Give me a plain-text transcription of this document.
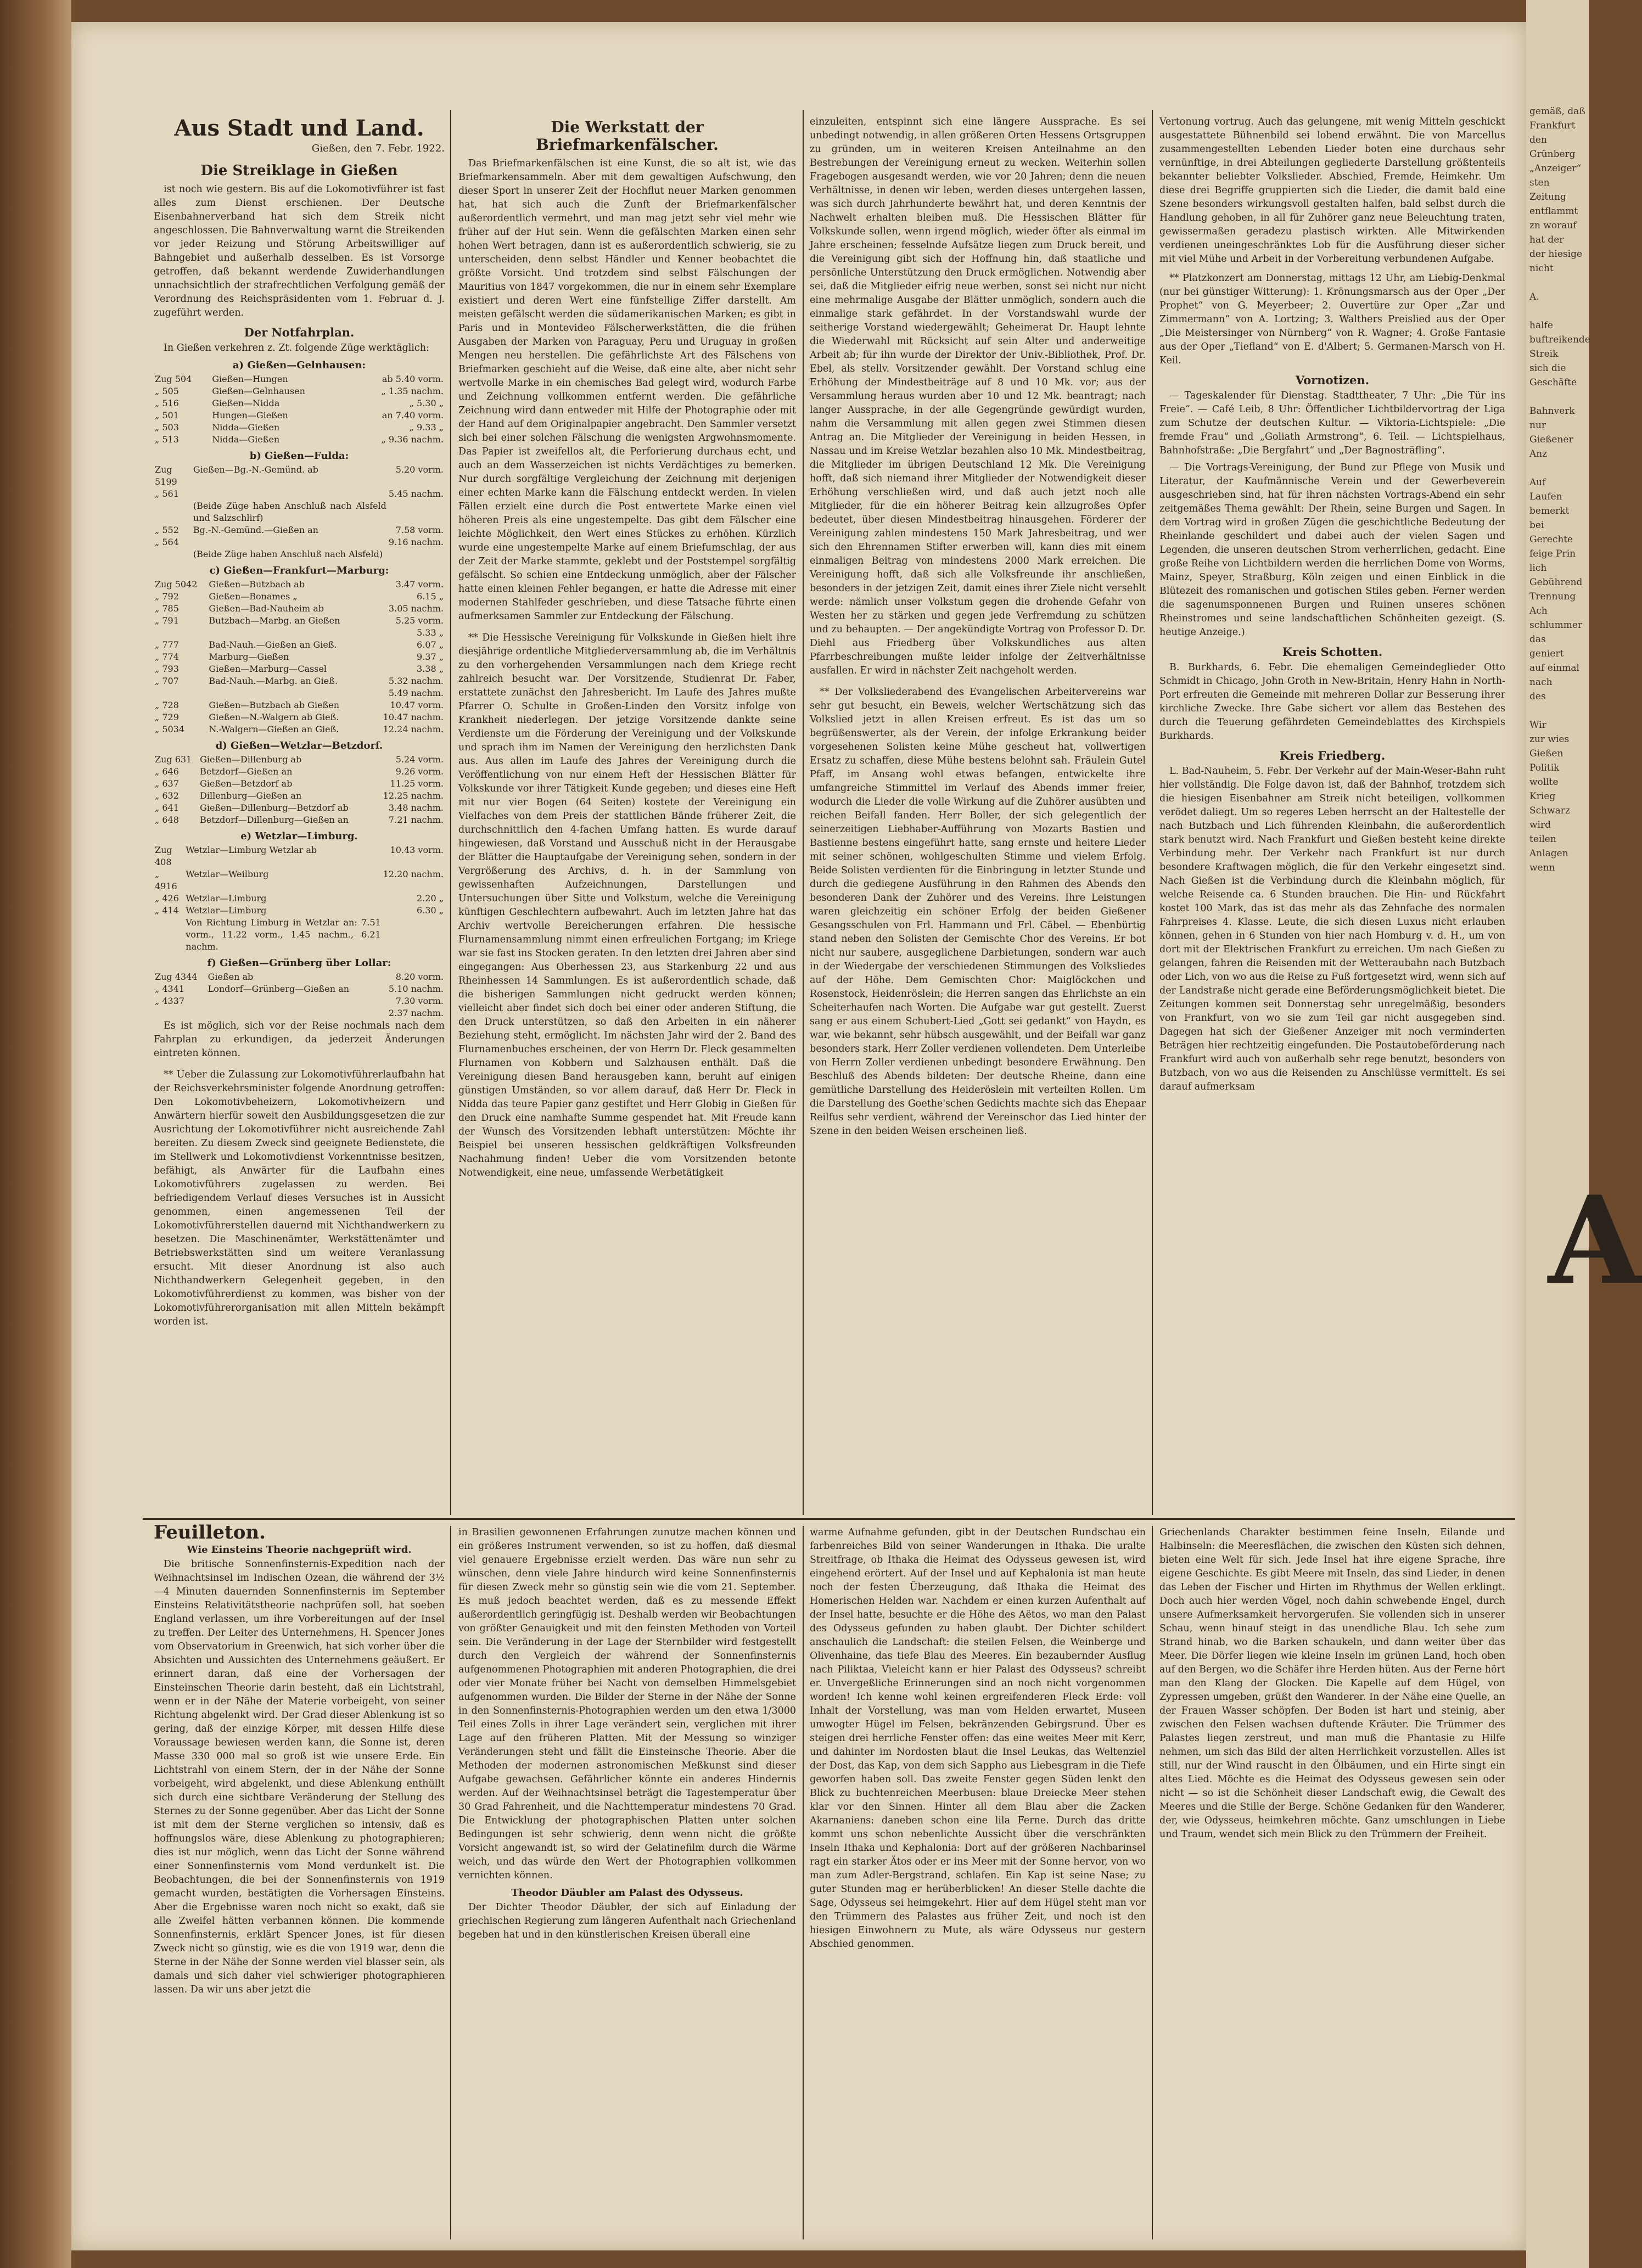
Aus Stadt und Land.
Gießen, den 7. Febr. 1922.
Die Streiklage in Gießen

ist noch wie gestern. Bis auf die Lokomotivführer ist fast alles zum Dienst erschienen. Der Deutsche Eisenbahnerverband hat sich dem Streik nicht angeschlossen. Die Bahnverwaltung warnt die Streikenden vor jeder Reizung und Störung Arbeitswilliger auf Bahngebiet und außerhalb desselben. Es ist Vorsorge getroffen, daß bekannt werdende Zuwiderhandlungen unnachsichtlich der strafrechtlichen Verfolgung gemäß der Verordnung des Reichspräsidenten vom 1. Februar d. J. zugeführt werden.

Der Notfahrplan.

In Gießen verkehren z. Zt. folgende Züge werktäglich:

a) Gießen—Gelnhausen:
Zug 504	Gießen—Hungen	ab 5.40 vorm.
„ 505	Gießen—Gelnhausen	„ 1.35 nachm.
„ 516	Gießen—Nidda	„ 5.30 „
„ 501	Hungen—Gießen	an 7.40 vorm.
„ 503	Nidda—Gießen	„ 9.33 „
„ 513	Nidda—Gießen	„ 9.36 nachm.
b) Gießen—Fulda:
Zug 5199	Gießen—Bg.-N.-Gemünd. ab	5.20 vorm.
„ 561		5.45 nachm.
	(Beide Züge haben Anschluß nach Alsfeld und Salzschlirf)	
„ 552	Bg.-N.-Gemünd.—Gießen an	7.58 vorm.
„ 564		9.16 nachm.
	(Beide Züge haben Anschluß nach Alsfeld)	
c) Gießen—Frankfurt—Marburg:
Zug 5042	Gießen—Butzbach ab	3.47 vorm.
„ 792	Gießen—Bonames „	6.15 „
„ 785	Gießen—Bad-Nauheim ab	3.05 nachm.
„ 791	Butzbach—Marbg. an Gießen	5.25 vorm.
		5.33 „
„ 777	Bad-Nauh.—Gießen an Gieß.	6.07 „
„ 774	Marburg—Gießen	9.37 „
„ 793	Gießen—Marburg—Cassel	3.38 „
„ 707	Bad-Nauh.—Marbg. an Gieß.	5.32 nachm.
		5.49 nachm.
„ 728	Gießen—Butzbach ab Gießen	10.47 vorm.
„ 729	Gießen—N.-Walgern ab Gieß.	10.47 nachm.
„ 5034	N.-Walgern—Gießen an Gieß.	12.24 nachm.
d) Gießen—Wetzlar—Betzdorf.
Zug 631	Gießen—Dillenburg ab	5.24 vorm.
„ 646	Betzdorf—Gießen an	9.26 vorm.
„ 637	Gießen—Betzdorf ab	11.25 vorm.
„ 632	Dillenburg—Gießen an	12.25 nachm.
„ 641	Gießen—Dillenburg—Betzdorf ab	3.48 nachm.
„ 648	Betzdorf—Dillenburg—Gießen an	7.21 nachm.
e) Wetzlar—Limburg.
Zug 408	Wetzlar—Limburg Wetzlar ab	10.43 vorm.
„ 4916	Wetzlar—Weilburg	12.20 nachm.
„ 426	Wetzlar—Limburg	2.20 „
„ 414	Wetzlar—Limburg	6.30 „
	Von Richtung Limburg in Wetzlar an: 7.51 vorm., 11.22 vorm., 1.45 nachm., 6.21 nachm.	
f) Gießen—Grünberg über Lollar:
Zug 4344	Gießen ab	8.20 vorm.
„ 4341	Londorf—Grünberg—Gießen an	5.10 nachm.
„ 4337		7.30 vorm.
		2.37 nachm.

Es ist möglich, sich vor der Reise nochmals nach dem Fahrplan zu erkundigen, da jederzeit Änderungen eintreten können.

** Ueber die Zulassung zur Lokomotivführerlaufbahn hat der Reichsverkehrsminister folgende Anordnung getroffen: Den Lokomotivbeheizern, Lokomotivheizern und Anwärtern hierfür soweit den Ausbildungsgesetzen die zur Ausrichtung der Lokomotivführer nicht ausreichende Zahl bereiten. Zu diesem Zweck sind geeignete Bedienstete, die im Stellwerk und Lokomotivdienst Vorkenntnisse besitzen, befähigt, als Anwärter für die Laufbahn eines Lokomotivführers zugelassen zu werden. Bei befriedigendem Verlauf dieses Versuches ist in Aussicht genommen, einen angemessenen Teil der Lokomotivführerstellen dauernd mit Nichthandwerkern zu besetzen. Die Maschinenämter, Werkstättenämter und Betriebswerkstätten sind um weitere Veranlassung ersucht. Mit dieser Anordnung ist also auch Nichthandwerkern Gelegenheit gegeben, in den Lokomotivführerdienst zu kommen, was bisher von der Lokomotivführerorganisation mit allen Mitteln bekämpft worden ist.

Die Werkstatt der Briefmarkenfälscher.

Das Briefmarkenfälschen ist eine Kunst, die so alt ist, wie das Briefmarkensammeln. Aber mit dem gewaltigen Aufschwung, den dieser Sport in unserer Zeit der Hochflut neuer Marken genommen hat, hat sich auch die Zunft der Briefmarkenfälscher außerordentlich vermehrt, und man mag jetzt sehr viel mehr wie früher auf der Hut sein. Wenn die gefälschten Marken einen sehr hohen Wert betragen, dann ist es außerordentlich schwierig, sie zu unterscheiden, denn selbst Händler und Kenner beobachtet die größte Vorsicht. Und trotzdem sind selbst Fälschungen der Mauritius von 1847 vorgekommen, die nur in einem sehr Exemplare existiert und deren Wert eine fünfstellige Ziffer darstellt. Am meisten gefälscht werden die südamerikanischen Marken; es gibt in Paris und in Montevideo Fälscherwerkstätten, die die frühen Ausgaben der Marken von Paraguay, Peru und Uruguay in großen Mengen neu herstellen. Die gefährlichste Art des Fälschens von Briefmarken geschieht auf die Weise, daß eine alte, aber nicht sehr wertvolle Marke in ein chemisches Bad gelegt wird, wodurch Farbe und Zeichnung vollkommen entfernt werden. Die gefährliche Zeichnung wird dann entweder mit Hilfe der Photographie oder mit der Hand auf dem Originalpapier angebracht. Den Sammler versetzt sich bei einer solchen Fälschung die wenigsten Argwohnsmomente. Das Papier ist zweifellos alt, die Perforierung durchaus echt, und auch an dem Wasserzeichen ist nichts Verdächtiges zu bemerken. Nur durch sorgfältige Vergleichung der Zeichnung mit derjenigen einer echten Marke kann die Fälschung entdeckt werden. In vielen Fällen erzielt eine durch die Post entwertete Marke einen viel höheren Preis als eine ungestempelte. Das gibt dem Fälscher eine leichte Möglichkeit, den Wert eines Stückes zu erhöhen. Kürzlich wurde eine ungestempelte Marke auf einem Briefumschlag, der aus der Zeit der Marke stammte, geklebt und der Poststempel sorgfältig gefälscht. So schien eine Entdeckung unmöglich, aber der Fälscher hatte einen kleinen Fehler begangen, er hatte die Adresse mit einer modernen Stahlfeder geschrieben, und diese Tatsache führte einen aufmerksamen Sammler zur Entdeckung der Fälschung.

** Die Hessische Vereinigung für Volkskunde in Gießen hielt ihre diesjährige ordentliche Mitgliederversammlung ab, die im Verhältnis zu den vorhergehenden Versammlungen nach dem Kriege recht zahlreich besucht war. Der Vorsitzende, Studienrat Dr. Faber, erstattete zunächst den Jahresbericht. Im Laufe des Jahres mußte Pfarrer O. Schulte in Großen-Linden den Vorsitz infolge von Krankheit niederlegen. Der jetzige Vorsitzende dankte seine Verdienste um die Förderung der Vereinigung und der Volkskunde und sprach ihm im Namen der Vereinigung den herzlichsten Dank aus. Aus allen im Laufe des Jahres der Vereinigung durch die Veröffentlichung von nur einem Heft der Hessischen Blätter für Volkskunde vor ihrer Tätigkeit Kunde gegeben; und dieses eine Heft mit nur vier Bogen (64 Seiten) kostete der Vereinigung ein Vielfaches von dem Preis der stattlichen Bände früherer Zeit, die durchschnittlich den 4-fachen Umfang hatten. Es wurde darauf hingewiesen, daß Vorstand und Ausschuß nicht in der Herausgabe der Blätter die Hauptaufgabe der Vereinigung sehen, sondern in der Vergrößerung des Archivs, d. h. in der Sammlung von gewissenhaften Aufzeichnungen, Darstellungen und Untersuchungen über Sitte und Volkstum, welche die Vereinigung künftigen Geschlechtern aufbewahrt. Auch im letzten Jahre hat das Archiv wertvolle Bereicherungen erfahren. Die hessische Flurnamensammlung nimmt einen erfreulichen Fortgang; im Kriege war sie fast ins Stocken geraten. In den letzten drei Jahren aber sind eingegangen: Aus Oberhessen 23, aus Starkenburg 22 und aus Rheinhessen 14 Sammlungen. Es ist außerordentlich schade, daß die bisherigen Sammlungen nicht gedruckt werden können; vielleicht aber findet sich doch bei einer oder anderen Stiftung, die den Druck unterstützen, so daß den Arbeiten in ein näherer Beziehung steht, ermöglicht. Im nächsten Jahr wird der 2. Band des Flurnamenbuches erscheinen, der von Herrn Dr. Fleck gesammelten Flurnamen von Kobbern und Salzhausen enthält. Daß die Vereinigung diesen Band herausgeben kann, beruht auf einigen günstigen Umständen, so vor allem darauf, daß Herr Dr. Fleck in Nidda das teure Papier ganz gestiftet und Herr Globig in Gießen für den Druck eine namhafte Summe gespendet hat. Mit Freude kann der Wunsch des Vorsitzenden lebhaft unterstützen: Möchte ihr Beispiel bei unseren hessischen geldkräftigen Volksfreunden Nachahmung finden! Ueber die vom Vorsitzenden betonte Notwendigkeit, eine neue, umfassende Werbetätigkeit

einzuleiten, entspinnt sich eine längere Aussprache. Es sei unbedingt notwendig, in allen größeren Orten Hessens Ortsgruppen zu gründen, um in weiteren Kreisen Anteilnahme an den Bestrebungen der Vereinigung erneut zu wecken. Weiterhin sollen Fragebogen ausgesandt werden, wie vor 20 Jahren; denn die neuen Verhältnisse, in denen wir leben, werden dieses untergehen lassen, was sich durch Jahrhunderte bewährt hat, und deren Kenntnis der Nachwelt erhalten bleiben muß. Die Hessischen Blätter für Volkskunde sollen, wenn irgend möglich, wieder öfter als einmal im Jahre erscheinen; fesselnde Aufsätze liegen zum Druck bereit, und die Vereinigung gibt sich der Hoffnung hin, daß staatliche und persönliche Unterstützung den Druck ermöglichen. Notwendig aber sei, daß die Mitglieder eifrig neue werben, sonst sei nicht nur nicht eine mehrmalige Ausgabe der Blätter unmöglich, sondern auch die einmalige stark gefährdet. In der Vorstandswahl wurde der seitherige Vorstand wiedergewählt; Geheimerat Dr. Haupt lehnte die Wiederwahl mit Rücksicht auf sein Alter und anderweitige Arbeit ab; für ihn wurde der Direktor der Univ.-Bibliothek, Prof. Dr. Ebel, als stellv. Vorsitzender gewählt. Der Vorstand schlug eine Erhöhung der Mindestbeiträge auf 8 und 10 Mk. vor; aus der Versammlung heraus wurden aber 10 und 12 Mk. beantragt; nach langer Aussprache, in der alle Gegengründe gewürdigt wurden, nahm die Versammlung mit allen gegen zwei Stimmen diesen Antrag an. Die Mitglieder der Vereinigung in beiden Hessen, in Nassau und im Kreise Wetzlar bezahlen also 10 Mk. Mindestbeitrag, die Mitglieder im übrigen Deutschland 12 Mk. Die Vereinigung hofft, daß sich niemand ihrer Mitglieder der Notwendigkeit dieser Erhöhung verschließen wird, und daß auch jetzt noch alle Mitglieder, für die ein höherer Beitrag kein allzugroßes Opfer bedeutet, über diesen Mindestbeitrag hinausgehen. Förderer der Vereinigung zahlen mindestens 150 Mark Jahresbeitrag, und wer sich den Ehrennamen Stifter erwerben will, kann dies mit einem einmaligen Beitrag von mindestens 2000 Mark erreichen. Die Vereinigung hofft, daß sich alle Volksfreunde ihr anschließen, besonders in der jetzigen Zeit, damit eines ihrer Ziele nicht versehlt werde: nämlich unser Volkstum gegen die drohende Gefahr von Westen her zu stärken und gegen jede Verfremdung zu schützen und zu behaupten. — Der angekündigte Vortrag von Professor D. Dr. Diehl aus Friedberg über Volkskundliches aus alten Pfarrbeschreibungen mußte leider infolge der Zeitverhältnisse ausfallen. Er wird in nächster Zeit nachgeholt werden.

** Der Volksliederabend des Evangelischen Arbeitervereins war sehr gut besucht, ein Beweis, welcher Wertschätzung sich das Volkslied jetzt in allen Kreisen erfreut. Es ist das um so begrüßenswerter, als der Verein, der infolge Erkrankung beider vorgesehenen Solisten keine Mühe gescheut hat, vollwertigen Ersatz zu schaffen, diese Mühe bestens belohnt sah. Fräulein Gutel Pfaff, im Ansang wohl etwas befangen, entwickelte ihre umfangreiche Stimmittel im Verlauf des Abends immer freier, wodurch die Lieder die volle Wirkung auf die Zuhörer ausübten und reichen Beifall fanden. Herr Boller, der sich gelegentlich der seinerzeitigen Liebhaber-Aufführung von Mozarts Bastien und Bastienne bestens eingeführt hatte, sang ernste und heitere Lieder mit seiner schönen, wohlgeschulten Stimme und vielem Erfolg. Beide Solisten verdienten für die Einbringung in letzter Stunde und durch die gediegene Ausführung in den Rahmen des Abends den besonderen Dank der Zuhörer und des Vereins. Ihre Leistungen waren gleichzeitig ein schöner Erfolg der beiden Gießener Gesangsschulen von Frl. Hammann und Frl. Cäbel. — Ebenbürtig stand neben den Solisten der Gemischte Chor des Vereins. Er bot nicht nur saubere, ausgeglichene Darbietungen, sondern war auch in der Wiedergabe der verschiedenen Stimmungen des Volksliedes auf der Höhe. Dem Gemischten Chor: Maiglöckchen und Rosenstock, Heidenröslein; die Herren sangen das Ehrlichste an ein Scheiterhaufen nach Worten. Die Aufgabe war gut gestellt. Zuerst sang er aus einem Schubert-Lied „Gott sei gedankt“ von Haydn, es war, wie bekannt, sehr hübsch ausgewählt, und der Beifall war ganz besonders stark. Herr Zoller verdienen vollendeten. Dem Unterleibe von Herrn Zoller verdienen unbedingt besondere Erwähnung. Den Beschluß des Abends bildeten: Der deutsche Rheine, dann eine gemütliche Darstellung des Heideröslein mit verteilten Rollen. Um die Darstellung des Goethe'schen Gedichts machte sich das Ehepaar Reilfus sehr verdient, während der Vereinschor das Lied hinter der Szene in den beiden Weisen erscheinen ließ.

Vertonung vortrug. Auch das gelungene, mit wenig Mitteln geschickt ausgestattete Bühnenbild sei lobend erwähnt. Die von Marcellus zusammengestellten Lebenden Lieder boten eine durchaus sehr vernünftige, in drei Abteilungen gegliederte Darstellung größtenteils bekannter beliebter Volkslieder. Abschied, Fremde, Heimkehr. Um diese drei Begriffe gruppierten sich die Lieder, die damit bald eine Szene besonders wirkungsvoll gestalten halfen, bald selbst durch die Handlung gehoben, in all für Zuhörer ganz neue Beleuchtung traten, gewissermaßen geradezu plastisch wirkten. Alle Mitwirkenden verdienen uneingeschränktes Lob für die Ausführung dieser sicher mit viel Mühe und Arbeit in der Vorbereitung verbundenen Aufgabe.

** Platzkonzert am Donnerstag, mittags 12 Uhr, am Liebig-Denkmal (nur bei günstiger Witterung): 1. Krönungsmarsch aus der Oper „Der Prophet“ von G. Meyerbeer; 2. Ouvertüre zur Oper „Zar und Zimmermann“ von A. Lortzing; 3. Walthers Preislied aus der Oper „Die Meistersinger von Nürnberg“ von R. Wagner; 4. Große Fantasie aus der Oper „Tiefland“ von E. d'Albert; 5. Germanen-Marsch von H. Keil.

Vornotizen.

— Tageskalender für Dienstag. Stadttheater, 7 Uhr: „Die Tür ins Freie“. — Café Leib, 8 Uhr: Öffentlicher Lichtbildervortrag der Liga zum Schutze der deutschen Kultur. — Viktoria-Lichtspiele: „Die fremde Frau“ und „Goliath Armstrong“, 6. Teil. — Lichtspielhaus, Bahnhofstraße: „Die Bergfahrt“ und „Der Bagnosträfling“.

— Die Vortrags-Vereinigung, der Bund zur Pflege von Musik und Literatur, der Kaufmännische Verein und der Gewerbeverein ausgeschrieben sind, hat für ihren nächsten Vortrags-Abend ein sehr zeitgemäßes Thema gewählt: Der Rhein, seine Burgen und Sagen. In dem Vortrag wird in großen Zügen die geschichtliche Bedeutung der Rheinlande geschildert und dabei auch der vielen Sagen und Legenden, die unseren deutschen Strom verherrlichen, gedacht. Eine große Reihe von Lichtbildern werden die herrlichen Dome von Worms, Mainz, Speyer, Straßburg, Köln zeigen und einen Einblick in die Blütezeit des romanischen und gotischen Stiles geben. Ferner werden die sagenumsponnenen Burgen und Ruinen unseres schönen Rheinstromes und seine landschaftlichen Schönheiten gezeigt. (S. heutige Anzeige.)

Kreis Schotten.

B. Burkhards, 6. Febr. Die ehemaligen Gemeindeglieder Otto Schmidt in Chicago, John Groth in New-Britain, Henry Hahn in North-Port erfreuten die Gemeinde mit mehreren Dollar zur Besserung ihrer kirchliche Zwecke. Ihre Gabe sichert vor allem das Bestehen des durch die Teuerung gefährdeten Gemeindeblattes des Kirchspiels Burkhards.

Kreis Friedberg.

L. Bad-Nauheim, 5. Febr. Der Verkehr auf der Main-Weser-Bahn ruht hier vollständig. Die Folge davon ist, daß der Bahnhof, trotzdem sich die hiesigen Eisenbahner am Streik nicht beteiligen, vollkommen verödet daliegt. Um so regeres Leben herrscht an der Haltestelle der nach Butzbach und Lich führenden Kleinbahn, die außerordentlich stark benutzt wird. Nach Frankfurt und Gießen besteht keine direkte Verbindung mehr. Der Verkehr nach Frankfurt ist nur durch besondere Kraftwagen möglich, die für den Verkehr eingesetzt sind. Nach Gießen ist die Verbindung durch die Kleinbahn möglich, für welche Reisende ca. 6 Stunden brauchen. Die Hin- und Rückfahrt kostet 100 Mark, das ist das mehr als das Zehnfache des normalen Fahrpreises 4. Klasse. Leute, die sich diesen Luxus nicht erlauben können, gehen in 6 Stunden von hier nach Homburg v. d. H., um von dort mit der Elektrischen Frankfurt zu erreichen. Um nach Gießen zu gelangen, fahren die Reisenden mit der Wetteraubahn nach Butzbach oder Lich, von wo aus die Reise zu Fuß fortgesetzt wird, wenn sich auf der Landstraße nicht gerade eine Beförderungsmöglichkeit bietet. Die Zeitungen kommen seit Donnerstag sehr unregelmäßig, besonders von Frankfurt, von wo sie zum Teil gar nicht ausgegeben sind. Dagegen hat sich der Gießener Anzeiger mit noch verminderten Beträgen hier rechtzeitig eingefunden. Die Postautobeförderung nach Frankfurt wird auch von außerhalb sehr rege benutzt, besonders von Butzbach, von wo aus die Reisenden zu Anschlüsse vermittelt. Es sei darauf aufmerksam

Feuilleton.
Wie Einsteins Theorie nachgeprüft wird.

Die britische Sonnenfinsternis-Expedition nach der Weihnachtsinsel im Indischen Ozean, die während der 3½—4 Minuten dauernden Sonnenfinsternis im September Einsteins Relativitätstheorie nachprüfen soll, hat soeben England verlassen, um ihre Vorbereitungen auf der Insel zu treffen. Der Leiter des Unternehmens, H. Spencer Jones vom Observatorium in Greenwich, hat sich vorher über die Absichten und Aussichten des Unternehmens geäußert. Er erinnert daran, daß eine der Vorhersagen der Einsteinschen Theorie darin besteht, daß ein Lichtstrahl, wenn er in der Nähe der Materie vorbeigeht, von seiner Richtung abgelenkt wird. Der Grad dieser Ablenkung ist so gering, daß der einzige Körper, mit dessen Hilfe diese Voraussage bewiesen werden kann, die Sonne ist, deren Masse 330 000 mal so groß ist wie unsere Erde. Ein Lichtstrahl von einem Stern, der in der Nähe der Sonne vorbeigeht, wird abgelenkt, und diese Ablenkung enthüllt sich durch eine sichtbare Veränderung der Stellung des Sternes zu der Sonne gegenüber. Aber das Licht der Sonne ist mit dem der Sterne verglichen so intensiv, daß es hoffnungslos wäre, diese Ablenkung zu photographieren; dies ist nur möglich, wenn das Licht der Sonne während einer Sonnenfinsternis vom Mond verdunkelt ist. Die Beobachtungen, die bei der Sonnenfinsternis von 1919 gemacht wurden, bestätigten die Vorhersagen Einsteins. Aber die Ergebnisse waren noch nicht so exakt, daß sie alle Zweifel hätten verbannen können. Die kommende Sonnenfinsternis, erklärt Spencer Jones, ist für diesen Zweck nicht so günstig, wie es die von 1919 war, denn die Sterne in der Nähe der Sonne werden viel blasser sein, als damals und sich daher viel schwieriger photographieren lassen. Da wir uns aber jetzt die

in Brasilien gewonnenen Erfahrungen zunutze machen können und ein größeres Instrument verwenden, so ist zu hoffen, daß diesmal viel genauere Ergebnisse erzielt werden. Das wäre nun sehr zu wünschen, denn viele Jahre hindurch wird keine Sonnenfinsternis für diesen Zweck mehr so günstig sein wie die vom 21. September. Es muß jedoch beachtet werden, daß es zu messende Effekt außerordentlich geringfügig ist. Deshalb werden wir Beobachtungen von größter Genauigkeit und mit den feinsten Methoden von Vorteil sein. Die Veränderung in der Lage der Sternbilder wird festgestellt durch den Vergleich der während der Sonnenfinsternis aufgenommenen Photographien mit anderen Photographien, die drei oder vier Monate früher bei Nacht von demselben Himmelsgebiet aufgenommen wurden. Die Bilder der Sterne in der Nähe der Sonne in den Sonnenfinsternis-Photographien werden um den etwa 1/3000 Teil eines Zolls in ihrer Lage verändert sein, verglichen mit ihrer Lage auf den früheren Platten. Mit der Messung so winziger Veränderungen steht und fällt die Einsteinsche Theorie. Aber die Methoden der modernen astronomischen Meßkunst sind dieser Aufgabe gewachsen. Gefährlicher könnte ein anderes Hindernis werden. Auf der Weihnachtsinsel beträgt die Tagestemperatur über 30 Grad Fahrenheit, und die Nachttemperatur mindestens 70 Grad. Die Entwicklung der photographischen Platten unter solchen Bedingungen ist sehr schwierig, denn wenn nicht die größte Vorsicht angewandt ist, so wird der Gelatinefilm durch die Wärme weich, und das würde den Wert der Photographien vollkommen vernichten können.

Theodor Däubler am Palast des Odysseus.

Der Dichter Theodor Däubler, der sich auf Einladung der griechischen Regierung zum längeren Aufenthalt nach Griechenland begeben hat und in den künstlerischen Kreisen überall eine

warme Aufnahme gefunden, gibt in der Deutschen Rundschau ein farbenreiches Bild von seiner Wanderungen in Ithaka. Die uralte Streitfrage, ob Ithaka die Heimat des Odysseus gewesen ist, wird eingehend erörtert. Auf der Insel und auf Kephalonia ist man heute noch der festen Überzeugung, daß Ithaka die Heimat des Homerischen Helden war. Nachdem er einen kurzen Aufenthalt auf der Insel hatte, besuchte er die Höhe des Aëtos, wo man den Palast des Odysseus gefunden zu haben glaubt. Der Dichter schildert anschaulich die Landschaft: die steilen Felsen, die Weinberge und Olivenhaine, das tiefe Blau des Meeres. Ein bezaubernder Ausflug nach Piliktaa, Vieleicht kann er hier Palast des Odysseus? schreibt er. Unvergeßliche Erinnerungen sind an noch nicht vorgenommen worden! Ich kenne wohl keinen ergreifenderen Fleck Erde: voll Inhalt der Vorstellung, was man vom Helden erwartet, Museen umwogter Hügel im Felsen, bekränzenden Gebirgsrund. Über es steigen drei herrliche Fenster offen: das eine weites Meer mit Kerr, und dahinter im Nordosten blaut die Insel Leukas, das Weltenziel der Dost, das Kap, von dem sich Sappho aus Liebesgram in die Tiefe geworfen haben soll. Das zweite Fenster gegen Süden lenkt den Blick zu buchtenreichen Meerbusen: blaue Dreiecke Meer stehen klar vor den Sinnen. Hinter all dem Blau aber die Zacken Akarnaniens: daneben schon eine lila Ferne. Durch das dritte kommt uns schon nebenlichte Aussicht über die verschränkten Inseln Ithaka und Kephalonia: Dort auf der größeren Nachbarinsel ragt ein starker Ätos oder er ins Meer mit der Sonne hervor, von wo man zum Adler-Bergstrand, schlafen. Ein Kap ist seine Nase; zu guter Stunden mag er herüberblicken! An dieser Stelle dachte die Sage, Odysseus sei heimgekehrt. Hier auf dem Hügel steht man vor den Trümmern des Palastes aus früher Zeit, und noch ist den hiesigen Einwohnern zu Mute, als wäre Odysseus nur gestern Abschied genommen.

Griechenlands Charakter bestimmen feine Inseln, Eilande und Halbinseln: die Meeresflächen, die zwischen den Küsten sich dehnen, bieten eine Welt für sich. Jede Insel hat ihre eigene Sprache, ihre eigene Geschichte. Es gibt Meere mit Inseln, das sind Lieder, in denen das Leben der Fischer und Hirten im Rhythmus der Wellen erklingt. Doch auch hier werden Vögel, noch dahin schwebende Engel, durch unsere Aufmerksamkeit hervorgerufen. Sie vollenden sich in unserer Schau, wenn hinauf steigt in das unendliche Blau. Ich sehe zum Strand hinab, wo die Barken schaukeln, und dann weiter über das Meer. Die Dörfer liegen wie kleine Inseln im grünen Land, hoch oben auf den Bergen, wo die Schäfer ihre Herden hüten. Aus der Ferne hört man den Klang der Glocken. Die Kapelle auf dem Hügel, von Zypressen umgeben, grüßt den Wanderer. In der Nähe eine Quelle, an der Frauen Wasser schöpfen. Der Boden ist hart und steinig, aber zwischen den Felsen wachsen duftende Kräuter. Die Trümmer des Palastes liegen zerstreut, und man muß die Phantasie zu Hilfe nehmen, um sich das Bild der alten Herrlichkeit vorzustellen. Alles ist still, nur der Wind rauscht in den Ölbäumen, und ein Hirte singt ein altes Lied. Möchte es die Heimat des Odysseus gewesen sein oder nicht — so ist die Schönheit dieser Landschaft ewig, die Gewalt des Meeres und die Stille der Berge. Schöne Gedanken für den Wanderer, der, wie Odysseus, heimkehren möchte. Ganz umschlungen in Liebe und Traum, wendet sich mein Blick zu den Trümmern der Freiheit.

gemäß, daß
Frankfurt
den Grünberg
„Anzeiger“
sten Zeitung
entflammt
zn worauf
hat der
der hiesige
nicht

A.

halfe
buftreikende
Streik
sich die
Geschäfte

Bahnverk
nur
Gießener Anz

Auf
Laufen
bemerkt
bei
Gerechte
feige Prin
lich
Gebührend
Trennung
Ach
schlummer
das
geniert
auf einmal
nach
des

Wir
zur wies
Gießen
Politik
wollte
Krieg
Schwarz
wird
teilen
Anlagen
wenn
A
